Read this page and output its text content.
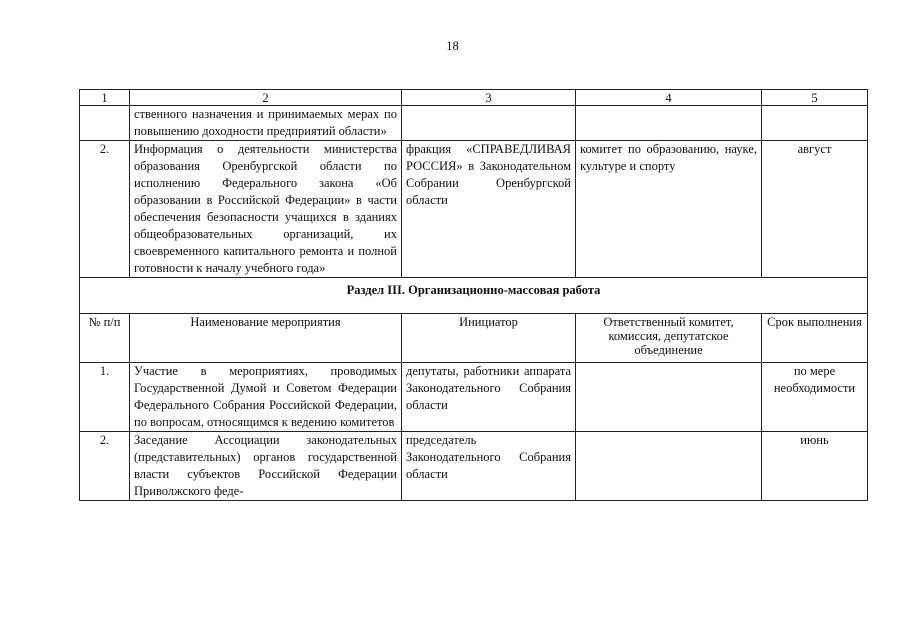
18
1	2	3	4	5
	ственного назначения и принимаемых мерах по повышению доходности предприятий области»			
2.	Информация о деятельности министерства образования Оренбургской области по исполнению Федерального закона «Об образовании в Российской Федерации» в части обеспечения безопасности учащихся в зданиях общеобразовательных организаций, их своевременного капитального ремонта и полной готовности к началу учебного года»	фракция «СПРАВЕДЛИВАЯ РОССИЯ» в Законодательном Собрании Оренбургской области	комитет по образованию, науке, культуре и спорту	август
Раздел III. Организационно-массовая работа				
№ п/п	Наименование мероприятия	Инициатор	Ответственный комитет, комиссия, депутатское объединение	Срок выполнения
1.	Участие в мероприятиях, проводимых Государственной Думой и Советом Федерации Федерального Собрания Российской Федерации, по вопросам, относящимся к ведению комитетов	депутаты, работники аппарата Законодательного Собрания области		по мере необходимости
2.	Заседание Ассоциации законодательных (представительных) органов государственной власти субъектов Российской Федерации Приволжского феде-	председатель Законодательного Собрания области		июнь
